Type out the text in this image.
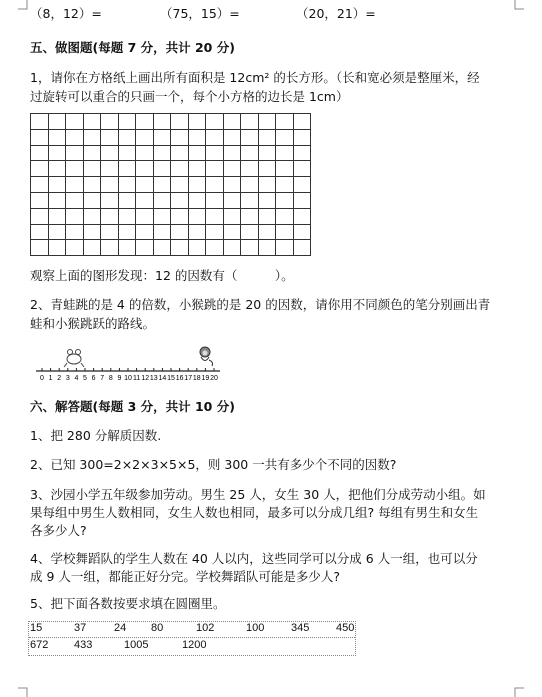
（8，12）=	（75，15）=	（20，21）=
五、做图题(每题 7 分，共计 20 分)
1，请你在方格纸上画出所有面积是 12cm² 的长方形。（长和宽必须是整厘米，经
过旋转可以重合的只画一个，每个小方格的边长是 1cm）

观察上面的图形发现：12 的因数有（　　　）。
2、青蛙跳的是 4 的倍数，小猴跳的是 20 的因数，请你用不同颜色的笔分别画出青
蛙和小猴跳跃的路线。
0 1 2 3 4 5 6 7 8 9 10 11 12 13 14 15 16 17 18 19 20
六、解答题(每题 3 分，共计 10 分)
1、把 280 分解质因数.
2、已知 300=2×2×3×5×5，则 300 一共有多少个不同的因数?
3、沙园小学五年级参加劳动。男生 25 人，女生 30 人，把他们分成劳动小组。如
果每组中男生人数相同，女生人数也相同，最多可以分成几组? 每组有男生和女生
各多少人?
4、学校舞蹈队的学生人数在 40 人以内，这些同学可以分成 6 人一组，也可以分
成 9 人一组，都能正好分完。学校舞蹈队可能是多少人?
5、把下面各数按要求填在圆圈里。
15	37	24 80	102	100 345 450
672 433	1005	1200
